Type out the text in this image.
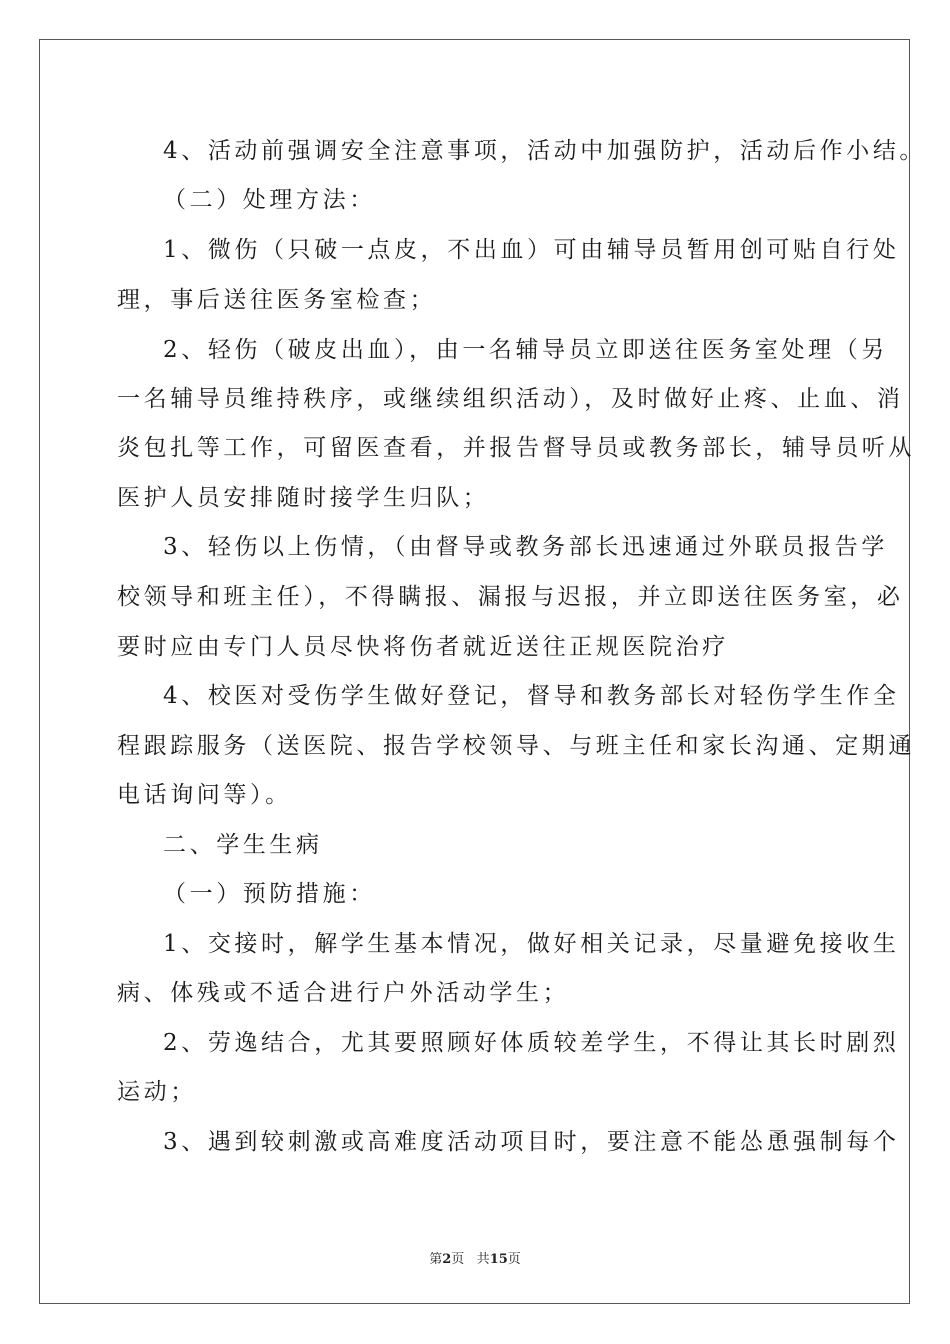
4、活动前强调安全注意事项，活动中加强防护，活动后作小结。
（二）处理方法：
1、微伤（只破一点皮，不出血）可由辅导员暂用创可贴自行处
理，事后送往医务室检查；
2、轻伤（破皮出血），由一名辅导员立即送往医务室处理（另
一名辅导员维持秩序，或继续组织活动），及时做好止疼、止血、消
炎包扎等工作，可留医查看，并报告督导员或教务部长，辅导员听从
医护人员安排随时接学生归队；
3、轻伤以上伤情，（由督导或教务部长迅速通过外联员报告学
校领导和班主任），不得瞒报、漏报与迟报，并立即送往医务室，必
要时应由专门人员尽快将伤者就近送往正规医院治疗
4、校医对受伤学生做好登记，督导和教务部长对轻伤学生作全
程跟踪服务（送医院、报告学校领导、与班主任和家长沟通、定期通
电话询问等）。
二、学生生病
（一）预防措施：
1、交接时，解学生基本情况，做好相关记录，尽量避免接收生
病、体残或不适合进行户外活动学生；
2、劳逸结合，尤其要照顾好体质较差学生，不得让其长时剧烈
运动；
3、遇到较刺激或高难度活动项目时，要注意不能怂恿强制每个
第2页 共15页
